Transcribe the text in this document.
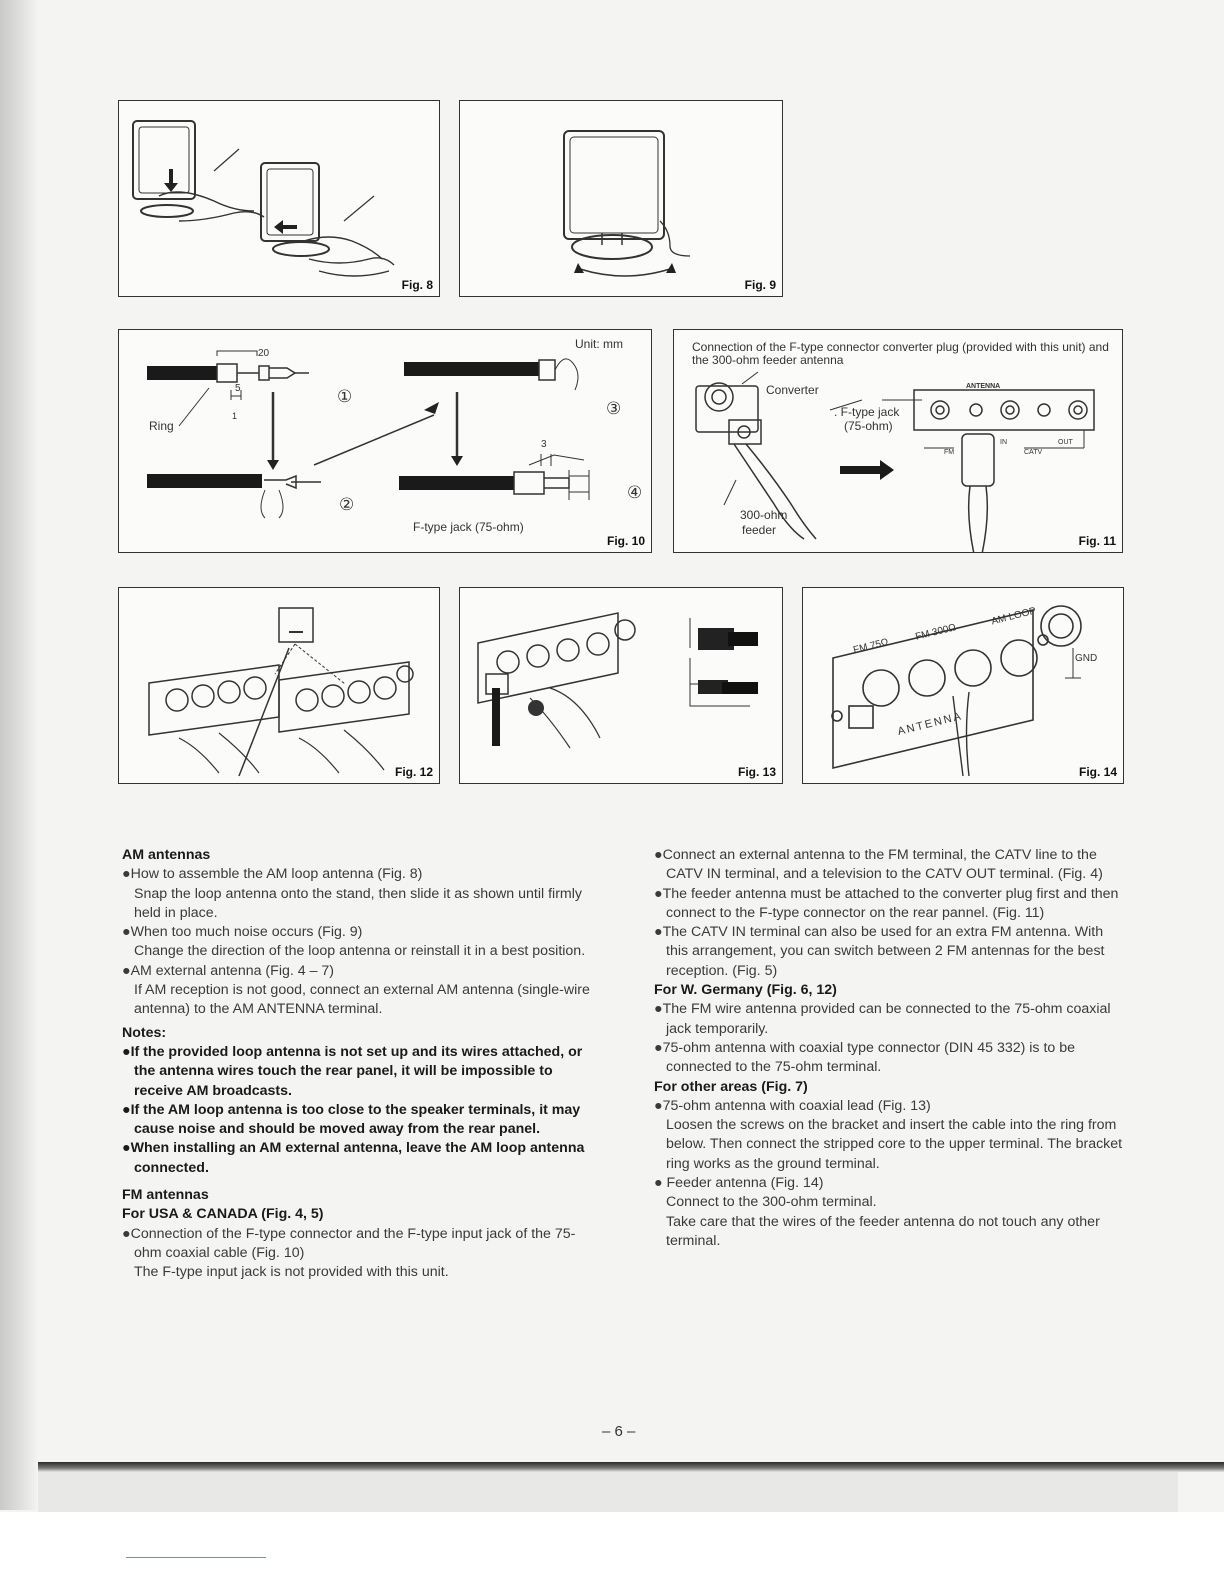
Fig. 8	Fig. 9
Unit: mm
20
5
1
3
Ring
①
②
③
④
F-type jack (75-ohm)
Fig. 10
Connection of the F-type connector converter plug (provided with this unit) and the 300-ohm feeder antenna
Converter
. F-type jack
(75-ohm)
300-ohm
feeder
ANTENNA
FM
IN
CATV
OUT
Fig. 11
Fig. 12	Fig. 13
FM 75Ω
FM 300Ω
AM LOOP
GND
ANTENNA
Fig. 14

AM antennas

●How to assemble the AM loop antenna (Fig. 8)

Snap the loop antenna onto the stand, then slide it as shown until firmly held in place.

●When too much noise occurs (Fig. 9)

Change the direction of the loop antenna or reinstall it in a best position.

●AM external antenna (Fig. 4 – 7)

If AM reception is not good, connect an external AM antenna (single-wire antenna) to the AM ANTENNA terminal.

Notes:

●If the provided loop antenna is not set up and its wires attached, or the antenna wires touch the rear panel, it will be impossible to receive AM broadcasts.

●If the AM loop antenna is too close to the speaker terminals, it may cause noise and should be moved away from the rear panel.

●When installing an AM external antenna, leave the AM loop antenna connected.

FM antennas

For USA & CANADA (Fig. 4, 5)

●Connection of the F-type connector and the F-type input jack of the 75-ohm coaxial cable (Fig. 10)

The F-type input jack is not provided with this unit.

●Connect an external antenna to the FM terminal, the CATV line to the CATV IN terminal, and a television to the CATV OUT terminal. (Fig. 4)

●The feeder antenna must be attached to the converter plug first and then connect to the F-type connector on the rear pannel. (Fig. 11)

●The CATV IN terminal can also be used for an extra FM antenna. With this arrangement, you can switch between 2 FM antennas for the best reception. (Fig. 5)

For W. Germany (Fig. 6, 12)

●The FM wire antenna provided can be connected to the 75-ohm coaxial jack temporarily.

●75-ohm antenna with coaxial type connector (DIN 45 332) is to be connected to the 75-ohm terminal.

For other areas (Fig. 7)

●75-ohm antenna with coaxial lead (Fig. 13)

Loosen the screws on the bracket and insert the cable into the ring from below. Then connect the stripped core to the upper terminal. The bracket ring works as the ground terminal.

● Feeder antenna (Fig. 14)

Connect to the 300-ohm terminal.

Take care that the wires of the feeder antenna do not touch any other terminal.

– 6 –
